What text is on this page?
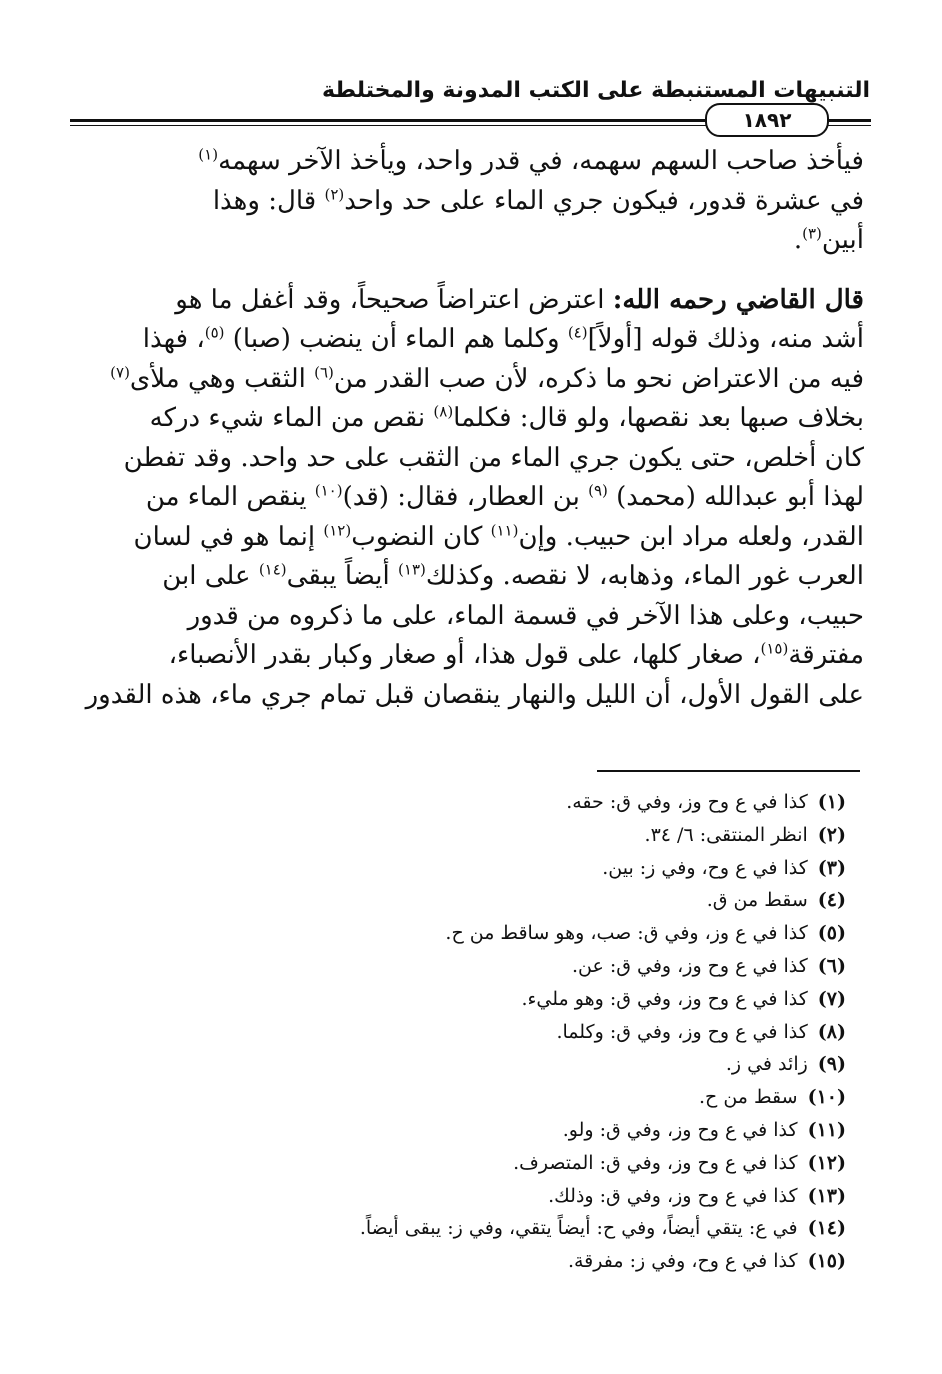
التنبيهات المستنبطة على الكتب المدونة والمختلطة
١٨٩٢

فيأخذ صاحب السهم سهمه، في قدر واحد، ويأخذ الآخر سهمه$^{(١)}$

في عشرة قدور، فيكون جري الماء على حد واحد$^{(٢)}$ قال: وهذا

أبين$^{(٣)}$.

قال القاضي رحمه الله: اعترض اعتراضاً صحيحاً، وقد أغفل ما هو

أشد منه، وذلك قوله [أولاً]$^{(٤)}$ وكلما هم الماء أن ينضب (صبا) $^{(٥)}$، فهذا

فيه من الاعتراض نحو ما ذكره، لأن صب القدر من$^{(٦)}$ الثقب وهي ملأى$^{(٧)}$

بخلاف صبها بعد نقصها، ولو قال: فكلما$^{(٨)}$ نقص من الماء شيء دركه

كان أخلص، حتى يكون جري الماء من الثقب على حد واحد. وقد تفطن

لهذا أبو عبدالله (محمد) $^{(٩)}$ بن العطار، فقال: (قد)$^{(١٠)}$ ينقص الماء من

القدر، ولعله مراد ابن حبيب. وإن$^{(١١)}$ كان النضوب$^{(١٢)}$ إنما هو في لسان

العرب غور الماء، وذهابه، لا نقصه. وكذلك$^{(١٣)}$ أيضاً يبقى$^{(١٤)}$ على ابن

حبيب، وعلى هذا الآخر في قسمة الماء، على ما ذكروه من قدور

مفترقة$^{(١٥)}$، صغار كلها، على قول هذا، أو صغار وكبار بقدر الأنصباء،

على القول الأول، أن الليل والنهار ينقصان قبل تمام جري ماء، هذه القدور

(١)كذا في ع وح وز، وفي ق: حقه.
(٢)انظر المنتقى: ٦/ ٣٤.
(٣)كذا في ع وح، وفي ز: بين.
(٤)سقط من ق.
(٥)كذا في ع وز، وفي ق: صب، وهو ساقط من ح.
(٦)كذا في ع وح وز، وفي ق: عن.
(٧)كذا في ع وح وز، وفي ق: وهو مليء.
(٨)كذا في ع وح وز، وفي ق: وكلما.
(٩)زائد في ز.
(١٠)سقط من ح.
(١١)كذا في ع وح وز، وفي ق: ولو.
(١٢)كذا في ع وح وز، وفي ق: المتصرف.
(١٣)كذا في ع وح وز، وفي ق: وذلك.
(١٤)في ع: يتقي أيضاً، وفي ح: أيضاً يتقي، وفي ز: يبقى أيضاً.
(١٥)كذا في ع وح، وفي ز: مفرقة.
